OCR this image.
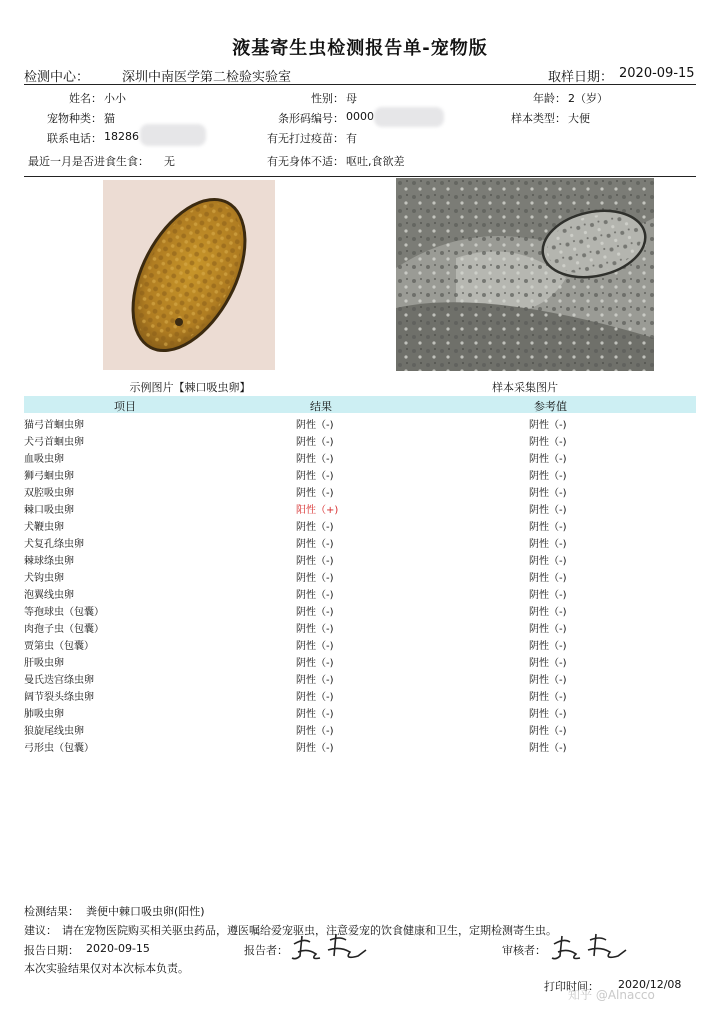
液基寄生虫检测报告单-宠物版
检测中心：	深圳中南医学第二检验实验室	取样日期： 2020-09-15
姓名： 小小	性别： 母	年龄： 2（岁）
宠物种类： 猫	条形码编号： 0000	样本类型： 大便
联系电话： 18286	有无打过疫苗： 有
最近一月是否进食生食： 无	有无身体不适： 呕吐,食欲差
示例图片【棘口吸虫卵】	样本采集图片
项目	结果	参考值
猫弓首蛔虫卵	阴性（-)	阴性（-)
犬弓首蛔虫卵	阴性（-)	阴性（-)
血吸虫卵	阴性（-)	阴性（-)
狮弓蛔虫卵	阴性（-)	阴性（-)
双腔吸虫卵	阴性（-)	阴性（-)
棘口吸虫卵	阳性（+)	阴性（-)
犬鞭虫卵	阴性（-)	阴性（-)
犬复孔绦虫卵	阴性（-)	阴性（-)
棘球绦虫卵	阴性（-)	阴性（-)
犬钩虫卵	阴性（-)	阴性（-)
泡翼线虫卵	阴性（-)	阴性（-)
等孢球虫（包囊）	阴性（-)	阴性（-)
肉孢子虫（包囊）	阴性（-)	阴性（-)
贾第虫（包囊）	阴性（-)	阴性（-)
肝吸虫卵	阴性（-)	阴性（-)
曼氏迭宫绦虫卵	阴性（-)	阴性（-)
阔节裂头绦虫卵	阴性（-)	阴性（-)
肺吸虫卵	阴性（-)	阴性（-)
狼旋尾线虫卵	阴性（-)	阴性（-)
弓形虫（包囊）	阴性（-)	阴性（-)
检测结果： 粪便中棘口吸虫卵(阳性)
建议： 请在宠物医院购买相关驱虫药品，遵医嘱给爱宠驱虫，注意爱宠的饮食健康和卫生，定期检测寄生虫。
报告日期： 2020-09-15	报告者：	审核者：
本次实验结果仅对本次标本负责。
打印时间： 2020/12/08
知乎 @Alnacco
